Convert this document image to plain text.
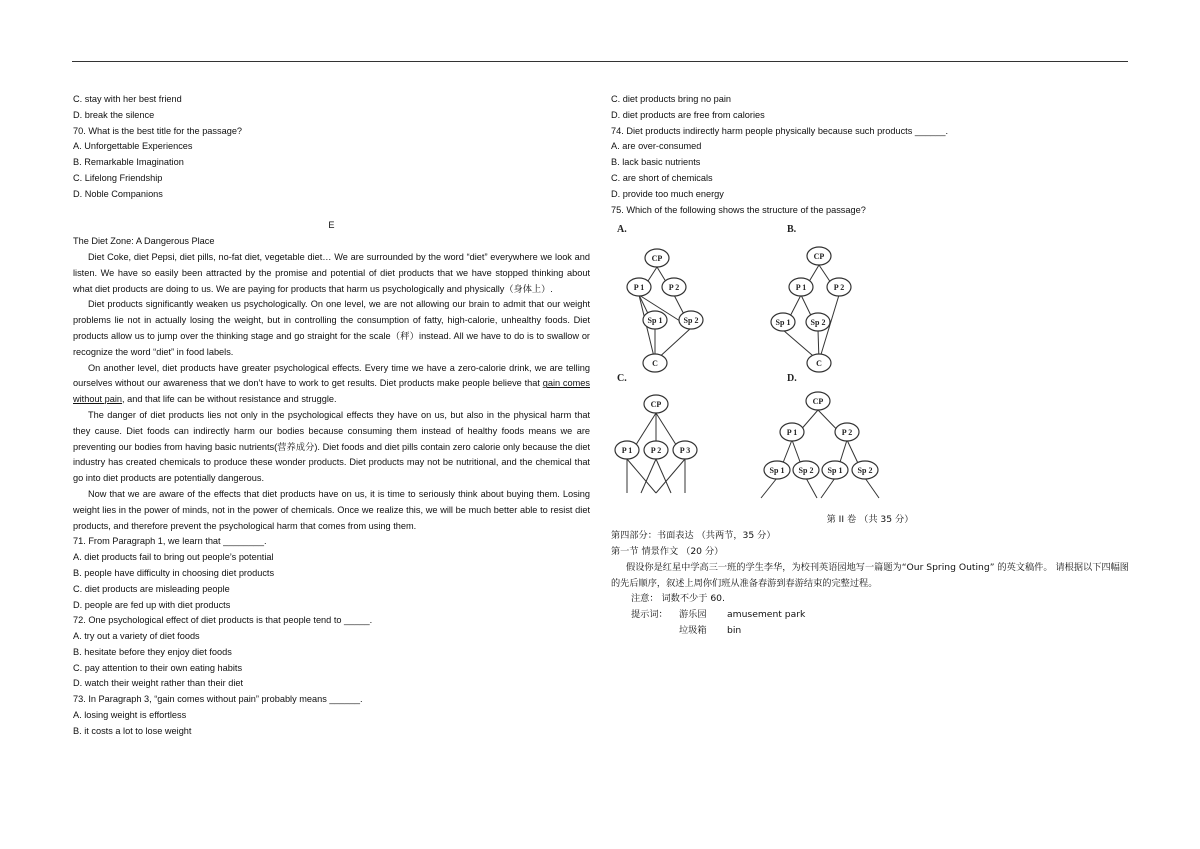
C. stay with her best friend
D. break the silence
70. What is the best title for the passage?
A. Unforgettable Experiences
B. Remarkable Imagination
C. Lifelong Friendship
D. Noble Companions
E
The Diet Zone: A Dangerous Place
Diet Coke, diet Pepsi, diet pills, no-fat diet, vegetable diet… We are surrounded by the word “diet” everywhere we look and listen. We have so easily been attracted by the promise and potential of diet products that we have stopped thinking about what diet products are doing to us. We are paying for products that harm us psychologically and physically（身体上）.
Diet products significantly weaken us psychologically. On one level, we are not allowing our brain to admit that our weight problems lie not in actually losing the weight, but in controlling the consumption of fatty, high-calorie, unhealthy foods. Diet products allow us to jump over the thinking stage and go straight for the scale（秤）instead. All we have to do is to swallow or recognize the word “diet” in food labels.
On another level, diet products have greater psychological effects. Every time we have a zero-calorie drink, we are telling ourselves without our awareness that we don’t have to work to get results. Diet products make people believe that gain comes without pain, and that life can be without resistance and struggle.
The danger of diet products lies not only in the psychological effects they have on us, but also in the physical harm that they cause. Diet foods can indirectly harm our bodies because consuming them instead of healthy foods means we are preventing our bodies from having basic nutrients(营养成分). Diet foods and diet pills contain zero calorie only because the diet industry has created chemicals to produce these wonder products. Diet products may not be nutritional, and the chemical that go into diet products are potentially dangerous.
Now that we are aware of the effects that diet products have on us, it is time to seriously think about buying them. Losing weight lies in the power of minds, not in the power of chemicals. Once we realize this, we will be much better able to resist diet products, and therefore prevent the psychological harm that comes from using them.
71. From Paragraph 1, we learn that ________.
A. diet products fail to bring out people’s potential
B. people have difficulty in choosing diet products
C. diet products are misleading people
D. people are fed up with diet products
72. One psychological effect of diet products is that people tend to _____.
A. try out a variety of diet foods
B. hesitate before they enjoy diet foods
C. pay attention to their own eating habits
D. watch their weight rather than their diet
73. In Paragraph 3, “gain comes without pain” probably means ______.
A. losing weight is effortless
B. it costs a lot to lose weight
C. diet products bring no pain
D. diet products are free from calories
74. Diet products indirectly harm people physically because such products ______.
A. are over-consumed
B. lack basic nutrients
C. are short of chemicals
D. provide too much energy
75. Which of the following shows the structure of the passage?
A.	B.
C.	D.
CP
P 1	P 2
Sp 1	Sp 2
C
CP
P 1	P 2
Sp 1	Sp 2
C
CP
P 1 P 2 P 3
CP
P 1	P 2
Sp 1 Sp 2 Sp 1 Sp 2
第 II 卷 （共 35 分）
第四部分：书面表达 （共两节，35 分）
第一节 情景作文 （20 分）
假设你是红星中学高三一班的学生李华，为校刊英语园地写一篇题为“Our Spring Outing” 的英文稿件。 请根据以下四幅图的先后顺序，叙述上周你们班从准备春游到春游结束的完整过程。
注意： 词数不少于 60.
提示词： 游乐园 amusement park
垃圾箱 bin
